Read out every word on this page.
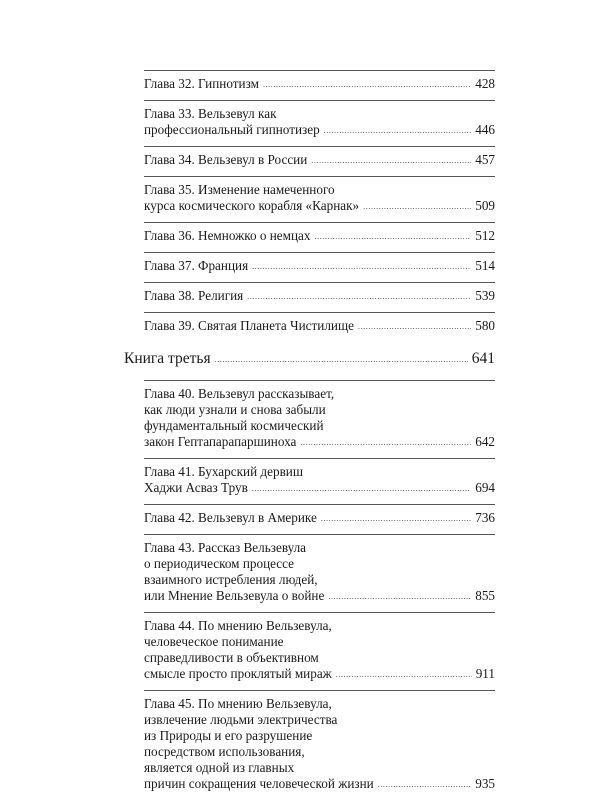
Глава 32. Гипнотизм .....	428
Глава 33. Вельзевул как
профессиональный гипнотизер .....	446
Глава 34. Вельзевул в России .....	457
Глава 35. Изменение намеченного
курса космического корабля «Карнак» .....	509
Глава 36. Немножко о немцах .....	512
Глава 37. Франция .....	514
Глава 38. Религия .....	539
Глава 39. Святая Планета Чистилище .....	580
Книга третья .....	641
Глава 40. Вельзевул рассказывает,
как люди узнали и снова забыли
фундаментальный космический
закон Гептапарапаршиноха .....	642
Глава 41. Бухарский дервиш
Хаджи Асваз Трув .....	694
Глава 42. Вельзевул в Америке .....	736
Глава 43. Рассказ Вельзевула
о периодическом процессе
взаимного истребления людей,
или Мнение Вельзевула о войне .....	855
Глава 44. По мнению Вельзевула,
человеческое понимание
справедливости в объективном
смысле просто проклятый мираж .....	911
Глава 45. По мнению Вельзевула,
извлечение людьми электричества
из Природы и его разрушение
посредством использования,
является одной из главных
причин сокращения человеческой жизни .....	935
